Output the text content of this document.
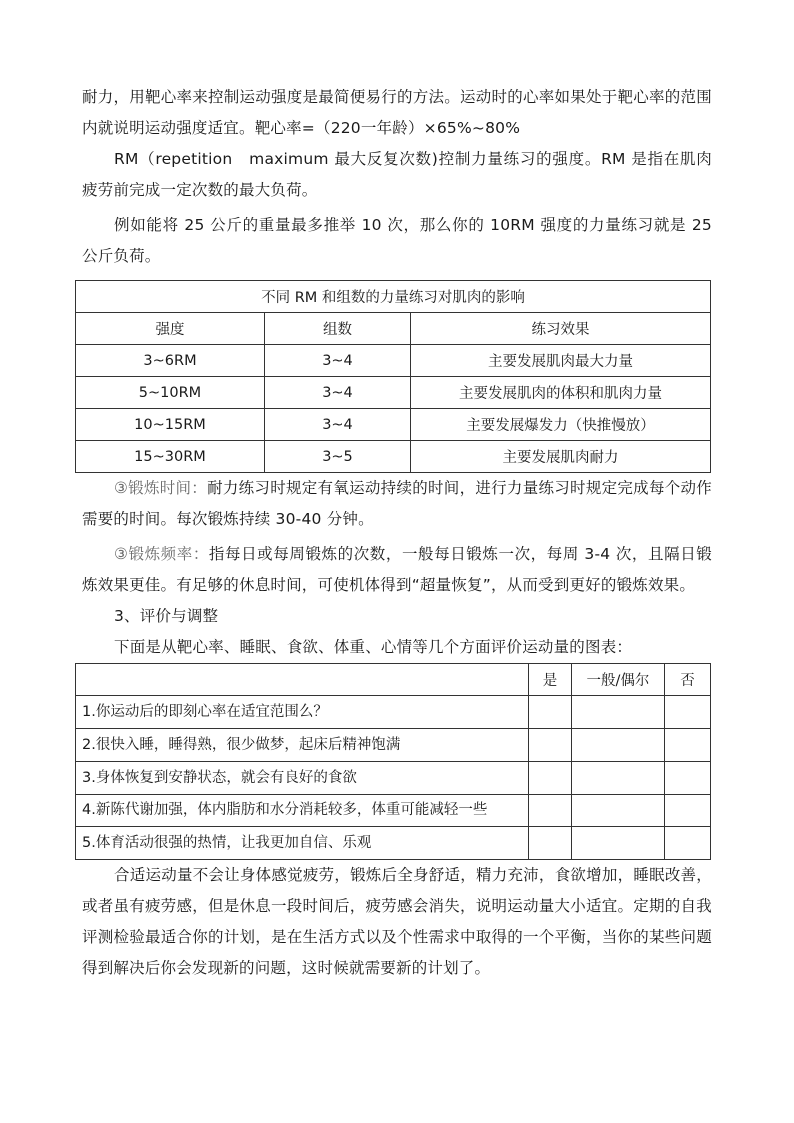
耐力，用靶心率来控制运动强度是最简便易行的方法。运动时的心率如果处于靶心率的范围内就说明运动强度适宜。靶心率=（220一年龄）×65%~80%

RM（repetition　maximum 最大反复次数)控制力量练习的强度。RM 是指在肌肉疲劳前完成一定次数的最大负荷。

例如能将 25 公斤的重量最多推举 10 次，那么你的 10RM 强度的力量练习就是 25 公斤负荷。

不同 RM 和组数的力量练习对肌肉的影响		
强度	组数	练习效果
3~6RM	3~4	主要发展肌肉最大力量
5~10RM	3~4	主要发展肌肉的体积和肌肉力量
10~15RM	3~4	主要发展爆发力（快推慢放）
15~30RM	3~5	主要发展肌肉耐力

③锻炼时间：耐力练习时规定有氧运动持续的时间，进行力量练习时规定完成每个动作需要的时间。每次锻炼持续 30-40 分钟。

③锻炼频率：指每日或每周锻炼的次数，一般每日锻炼一次，每周 3-4 次，且隔日锻炼效果更佳。有足够的休息时间，可使机体得到“超量恢复”，从而受到更好的锻炼效果。

3、评价与调整

下面是从靶心率、睡眠、食欲、体重、心情等几个方面评价运动量的图表：

	是	一般/偶尔	否
1.你运动后的即刻心率在适宜范围么？			
2.很快入睡，睡得熟，很少做梦，起床后精神饱满			
3.身体恢复到安静状态，就会有良好的食欲			
4.新陈代谢加强，体内脂肪和水分消耗较多，体重可能减轻一些			
5.体育活动很强的热情，让我更加自信、乐观			

合适运动量不会让身体感觉疲劳，锻炼后全身舒适，精力充沛，食欲增加，睡眠改善，或者虽有疲劳感，但是休息一段时间后，疲劳感会消失，说明运动量大小适宜。定期的自我评测检验最适合你的计划，是在生活方式以及个性需求中取得的一个平衡，当你的某些问题得到解决后你会发现新的问题，这时候就需要新的计划了。
